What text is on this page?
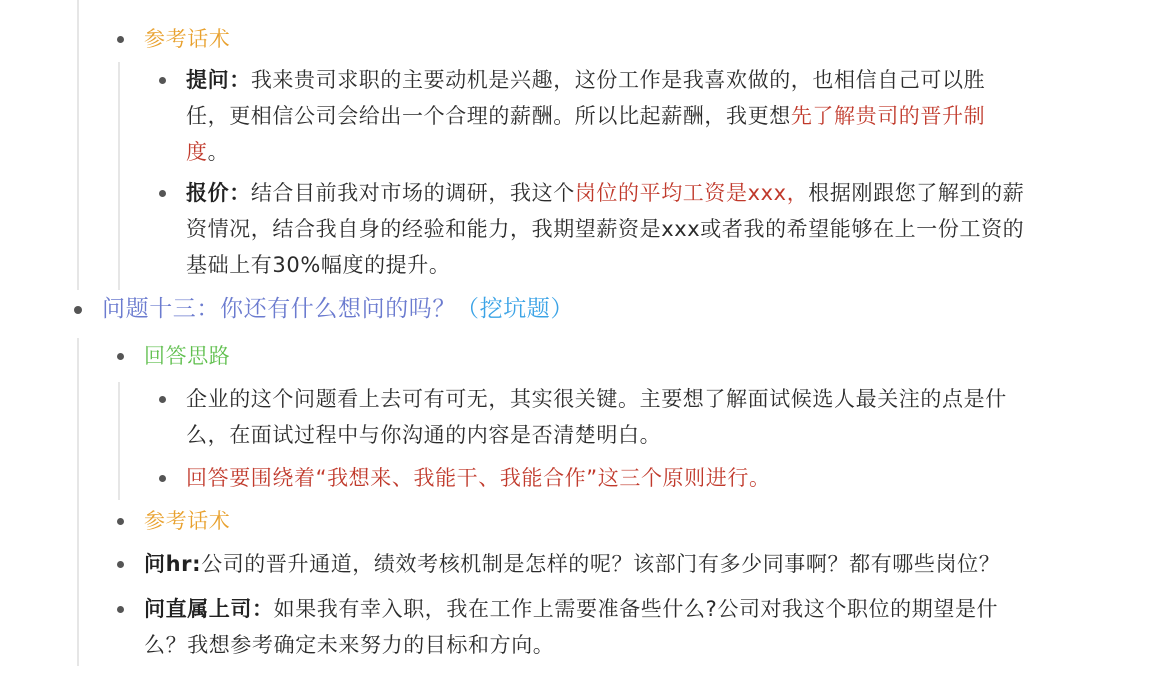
参考话术
提问：我来贵司求职的主要动机是兴趣，这份工作是我喜欢做的，也相信自己可以胜
任，更相信公司会给出一个合理的薪酬。所以比起薪酬，我更想先了解贵司的晋升制
度。
报价：结合目前我对市场的调研，我这个岗位的平均工资是xxx，根据刚跟您了解到的薪
资情况，结合我自身的经验和能力，我期望薪资是xxx或者我的希望能够在上一份工资的
基础上有30%幅度的提升。
问题十三：你还有什么想问的吗？（挖坑题）
回答思路
企业的这个问题看上去可有可无，其实很关键。主要想了解面试候选人最关注的点是什
么，在面试过程中与你沟通的内容是否清楚明白。
回答要围绕着“我想来、我能干、我能合作”这三个原则进行。
参考话术
问hr:公司的晋升通道，绩效考核机制是怎样的呢？该部门有多少同事啊？都有哪些岗位？
问直属上司：如果我有幸入职，我在工作上需要准备些什么?公司对我这个职位的期望是什
么？我想参考确定未来努力的目标和方向。
